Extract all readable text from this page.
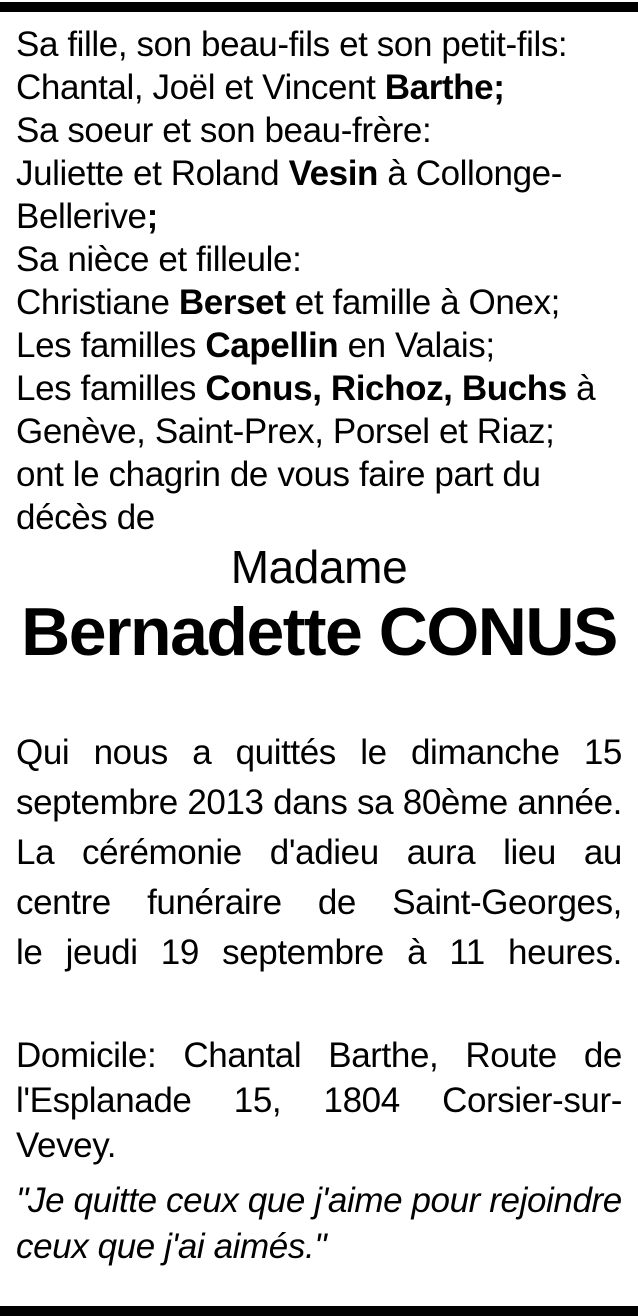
Sa fille, son beau-fils et son petit-fils:
Chantal, Joël et Vincent Barthe;
Sa soeur et son beau-frère:
Juliette et Roland Vesin à Collonge-
Bellerive;
Sa nièce et filleule:
Christiane Berset et famille à Onex;
Les familles Capellin en Valais;
Les familles Conus, Richoz, Buchs à
Genève, Saint-Prex, Porsel et Riaz;
ont le chagrin de vous faire part du
décès de
Madame
Bernadette CONUS
Qui nous a quittés le dimanche 15
septembre 2013 dans sa 80ème année.
La cérémonie d'adieu aura lieu au
centre funéraire de Saint-Georges,
le jeudi 19 septembre à 11 heures.
Domicile: Chantal Barthe, Route de
l'Esplanade 15, 1804 Corsier-sur-Vevey.
"Je quitte ceux que j'aime pour rejoindre
ceux que j'ai aimés."
